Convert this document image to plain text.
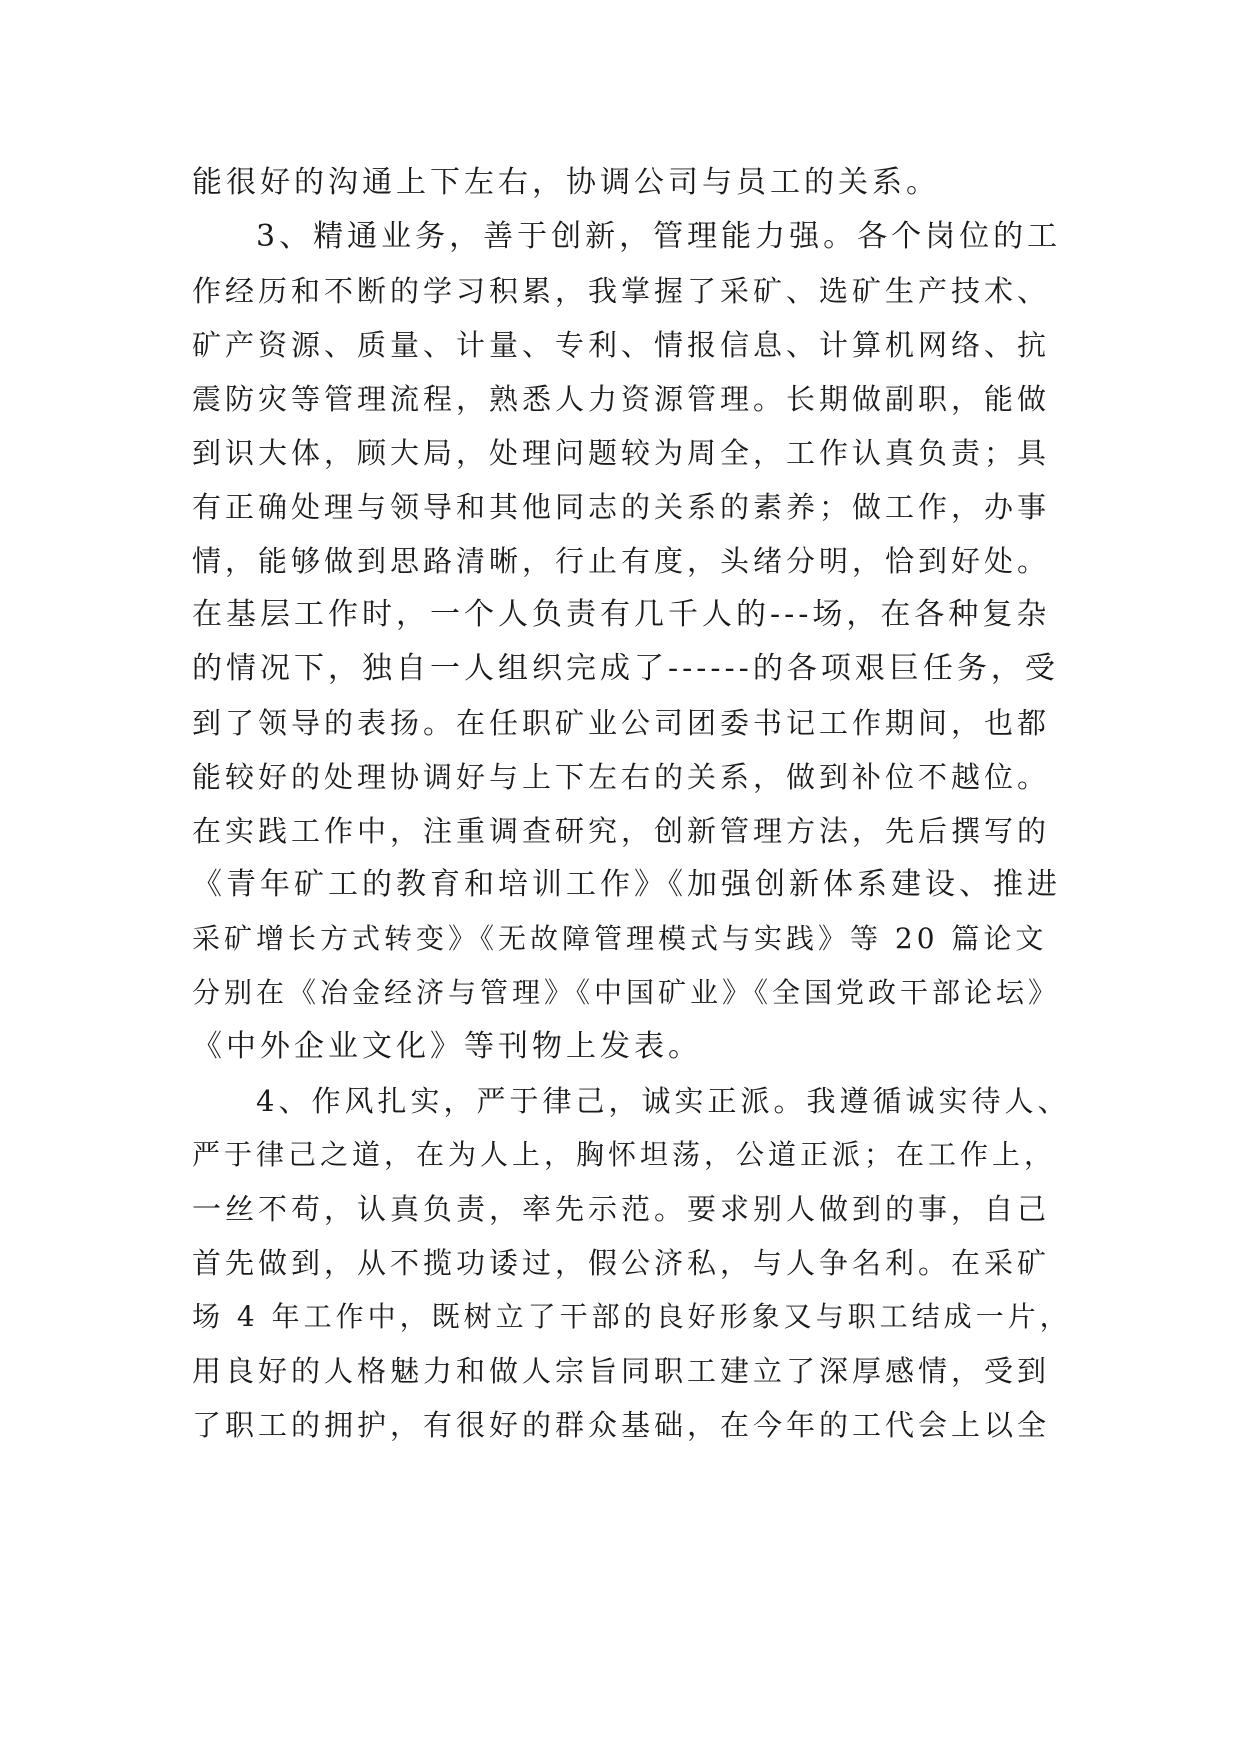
能很好的沟通上下左右，协调公司与员工的关系。
3、精通业务，善于创新，管理能力强。各个岗位的工
作经历和不断的学习积累，我掌握了采矿、选矿生产技术、
矿产资源、质量、计量、专利、情报信息、计算机网络、抗
震防灾等管理流程，熟悉人力资源管理。长期做副职，能做
到识大体，顾大局，处理问题较为周全，工作认真负责；具
有正确处理与领导和其他同志的关系的素养；做工作，办事
情，能够做到思路清晰，行止有度，头绪分明，恰到好处。
在基层工作时，一个人负责有几千人的---场，在各种复杂
的情况下，独自一人组织完成了------的各项艰巨任务，受
到了领导的表扬。在任职矿业公司团委书记工作期间，也都
能较好的处理协调好与上下左右的关系，做到补位不越位。
在实践工作中，注重调查研究，创新管理方法，先后撰写的
《青年矿工的教育和培训工作》《加强创新体系建设、推进
采矿增长方式转变》《无故障管理模式与实践》等 20 篇论文
分别在《冶金经济与管理》《中国矿业》《全国党政干部论坛》
《中外企业文化》等刊物上发表。
4、作风扎实，严于律己，诚实正派。我遵循诚实待人、
严于律己之道，在为人上，胸怀坦荡，公道正派；在工作上，
一丝不苟，认真负责，率先示范。要求别人做到的事，自己
首先做到，从不揽功诿过，假公济私，与人争名利。在采矿
场 4 年工作中，既树立了干部的良好形象又与职工结成一片，
用良好的人格魅力和做人宗旨同职工建立了深厚感情，受到
了职工的拥护，有很好的群众基础，在今年的工代会上以全
